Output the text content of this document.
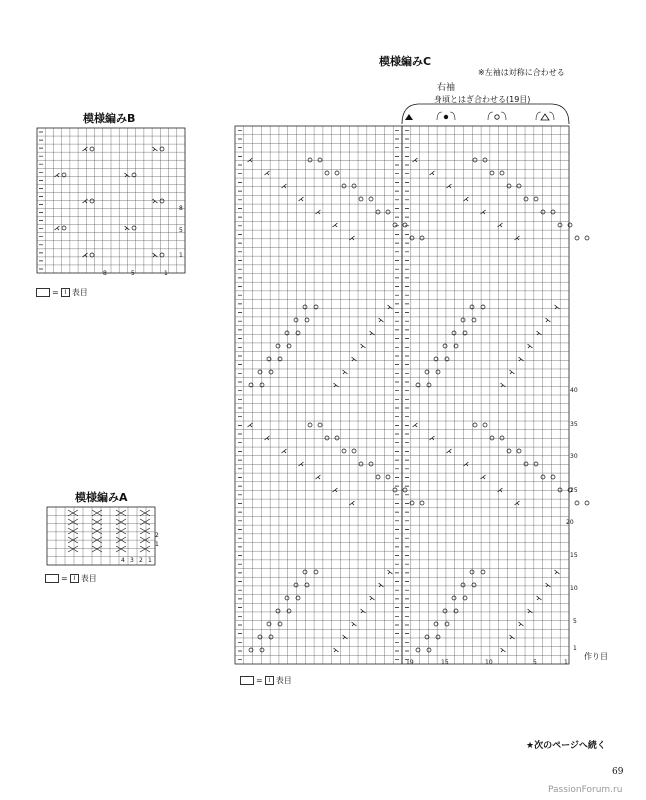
模様編みB
8
5
1
8	5	1
= I 表目
模様編みA
2
1
4 3 2 1
= I 表目
模様編みC
※左袖は対称に合わせる
右袖
身頃とはぎ合わせる(19目)
作り目
40
35
30
25
20
15
10
5
1
19	15	10	5	1
= I 表目
★次のページへ続く
69
PassionForum.ru
